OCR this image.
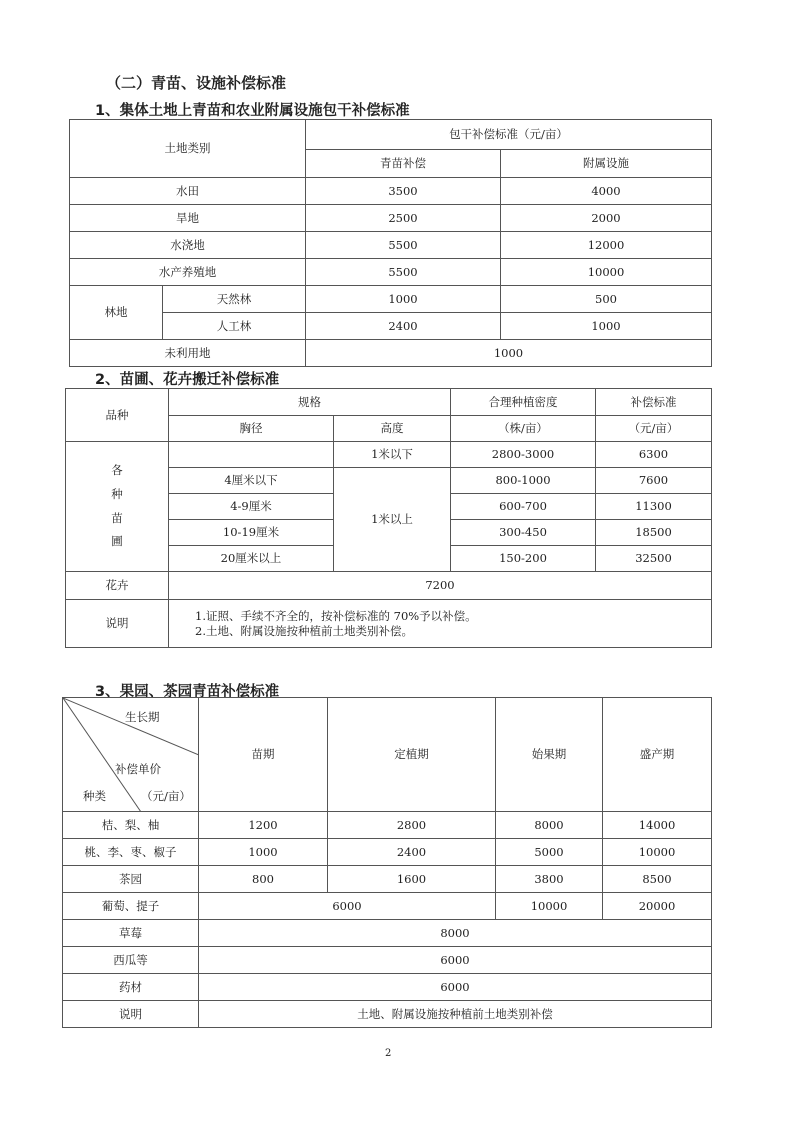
（二）青苗、设施补偿标准
1、集体土地上青苗和农业附属设施包干补偿标准
土地类别		包干补偿标准（元/亩）	
		青苗补偿	附属设施
水田		3500	4000
旱地		2500	2000
水浇地		5500	12000
水产养殖地		5500	10000
林地	天然林	1000	500
	人工林	2400	1000
未利用地		1000	
2、苗圃、花卉搬迁补偿标准
品种	规格		合理种植密度	补偿标准
	胸径	高度	（株/亩）	（元/亩）

各
种
苗
圃		1米以下	2800-3000	6300
	4厘米以下	1米以上	800-1000	7600
	4-9厘米		600-700	11300
	10-19厘米		300-450	18500
	20厘米以上		150-200	32500
花卉	7200			
说明	1.证照、手续不齐全的，按补偿标准的 70%予以补偿。
2.土地、附属设施按种植前土地类别补偿。			
3、果园、茶园青苗补偿标准
生长期
补偿单价
种类 （元/亩）	苗期	定植期	始果期	盛产期
桔、梨、柚	1200	2800	8000	14000
桃、李、枣、椒子	1000	2400	5000	10000
茶园	800	1600	3800	8500
葡萄、提子	6000		10000	20000
草莓	8000			
西瓜等	6000			
药材	6000			
说明	土地、附属设施按种植前土地类别补偿			
2
